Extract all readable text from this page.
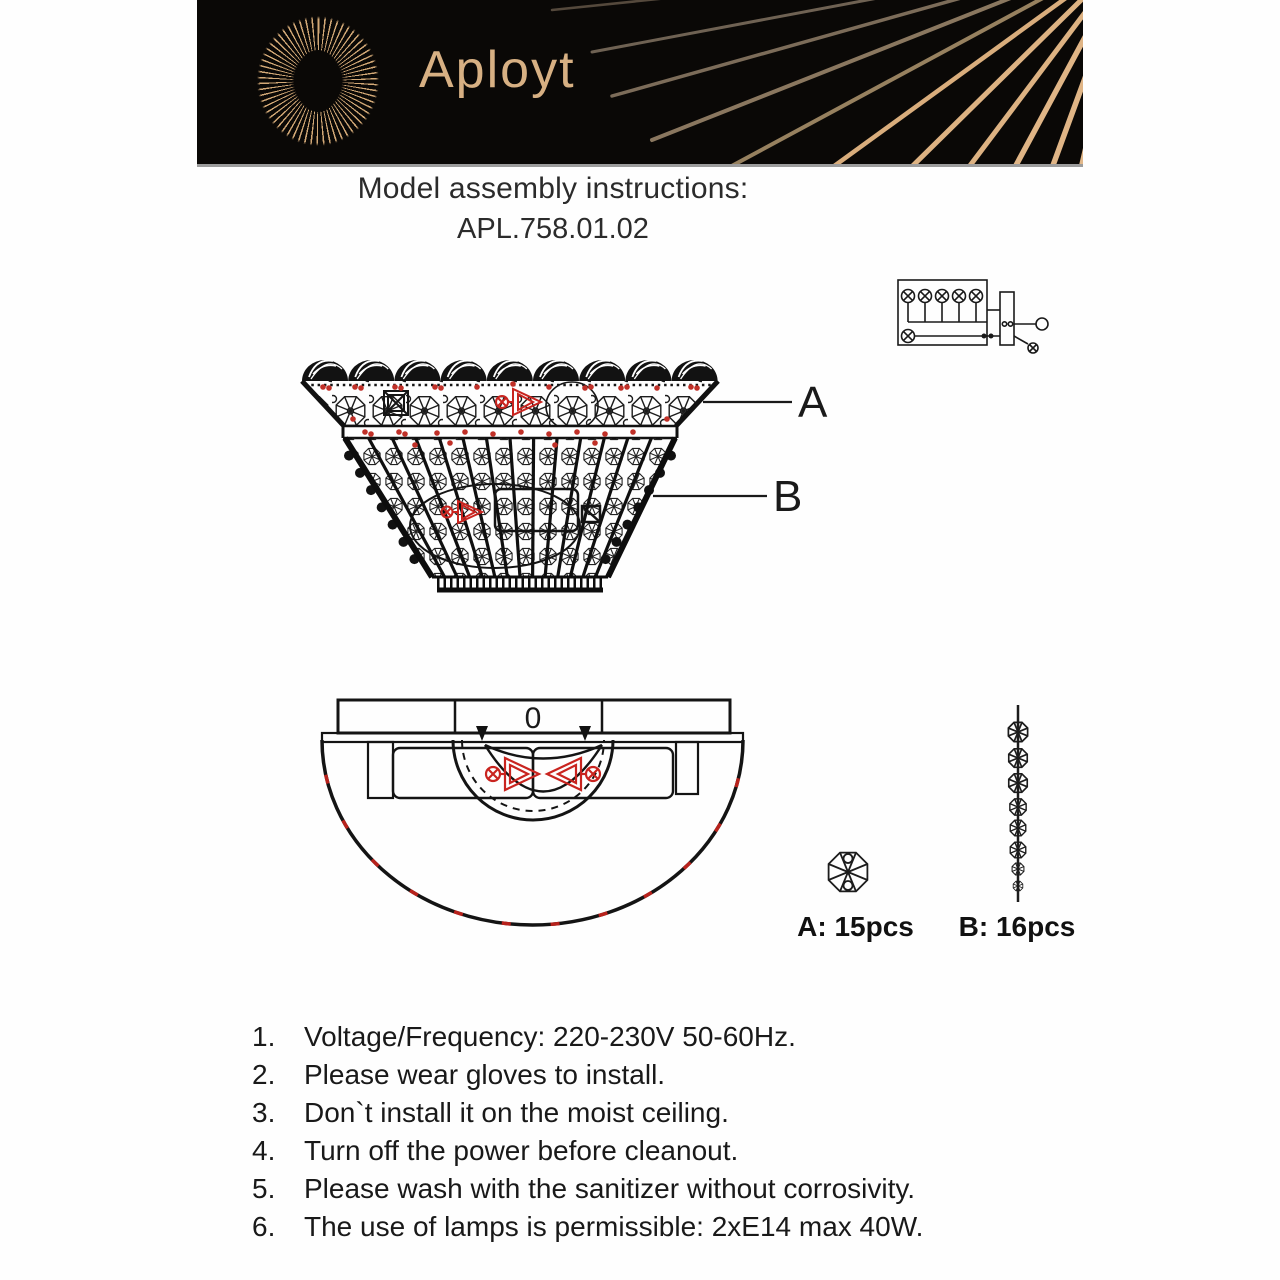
Aployt
Model assembly instructions:
APL.758.01.02
A
B
0
A: 15pcs B: 16pcs
1.	Voltage/Frequency: 220-230V 50-60Hz.
2.	Please wear gloves to install.
3.	Don`t install it on the moist ceiling.
4.	Turn off the power before cleanout.
5.	Please wash with the sanitizer without corrosivity.
6.	The use of lamps is permissible: 2xE14 max 40W.
